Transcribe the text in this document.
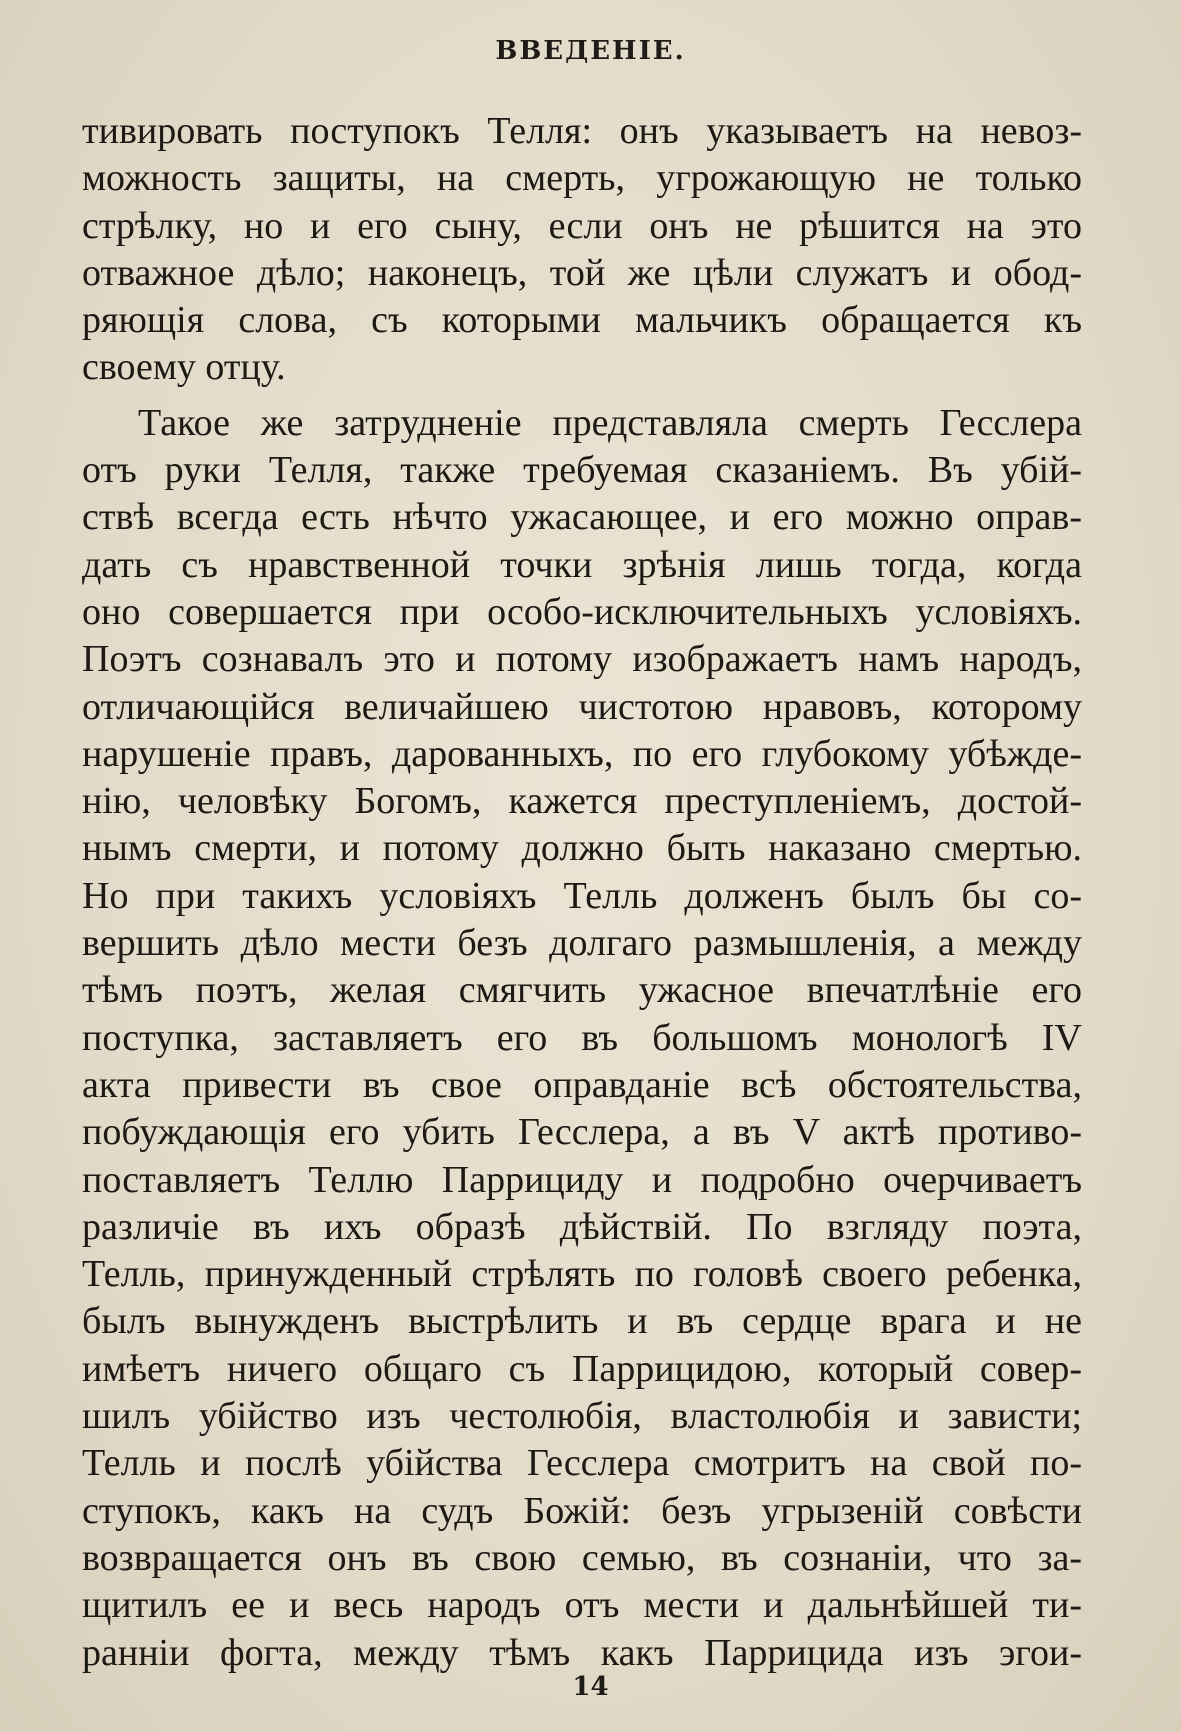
ВВЕДЕНІЕ.
тивировать поступокъ Телля: онъ указываетъ на невоз-
можность защиты, на смерть, угрожающую не только
стрѣлку, но и его сыну, если онъ не рѣшится на это
отважное дѣло; наконецъ, той же цѣли служатъ и обод-
ряющія слова, съ которыми мальчикъ обращается къ
своему отцу.
Такое же затрудненіе представляла смерть Гесслера
отъ руки Телля, также требуемая сказаніемъ. Въ убій-
ствѣ всегда есть нѣчто ужасающее, и его можно оправ-
дать съ нравственной точки зрѣнія лишь тогда, когда
оно совершается при особо-исключительныхъ условіяхъ.
Поэтъ сознавалъ это и потому изображаетъ намъ народъ,
отличающійся величайшею чистотою нравовъ, которому
нарушеніе правъ, дарованныхъ, по его глубокому убѣжде-
нію, человѣку Богомъ, кажется преступленіемъ, достой-
нымъ смерти, и потому должно быть наказано смертью.
Но при такихъ условіяхъ Телль долженъ былъ бы со-
вершить дѣло мести безъ долгаго размышленія, а между
тѣмъ поэтъ, желая смягчить ужасное впечатлѣніе его
поступка, заставляетъ его въ большомъ монологѣ IV
акта привести въ свое оправданіе всѣ обстоятельства,
побуждающія его убить Гесслера, а въ V актѣ противо-
поставляетъ Теллю Паррициду и подробно очерчиваетъ
различіе въ ихъ образѣ дѣйствій. По взгляду поэта,
Телль, принужденный стрѣлять по головѣ своего ребенка,
былъ вынужденъ выстрѣлить и въ сердце врага и не
имѣетъ ничего общаго съ Паррицидою, который совер-
шилъ убійство изъ честолюбія, властолюбія и зависти;
Телль и послѣ убійства Гесслера смотритъ на свой по-
ступокъ, какъ на судъ Божій: безъ угрызеній совѣсти
возвращается онъ въ свою семью, въ сознаніи, что за-
щитилъ ее и весь народъ отъ мести и дальнѣйшей ти-
ранніи фогта, между тѣмъ какъ Паррицида изъ эгои-
14
